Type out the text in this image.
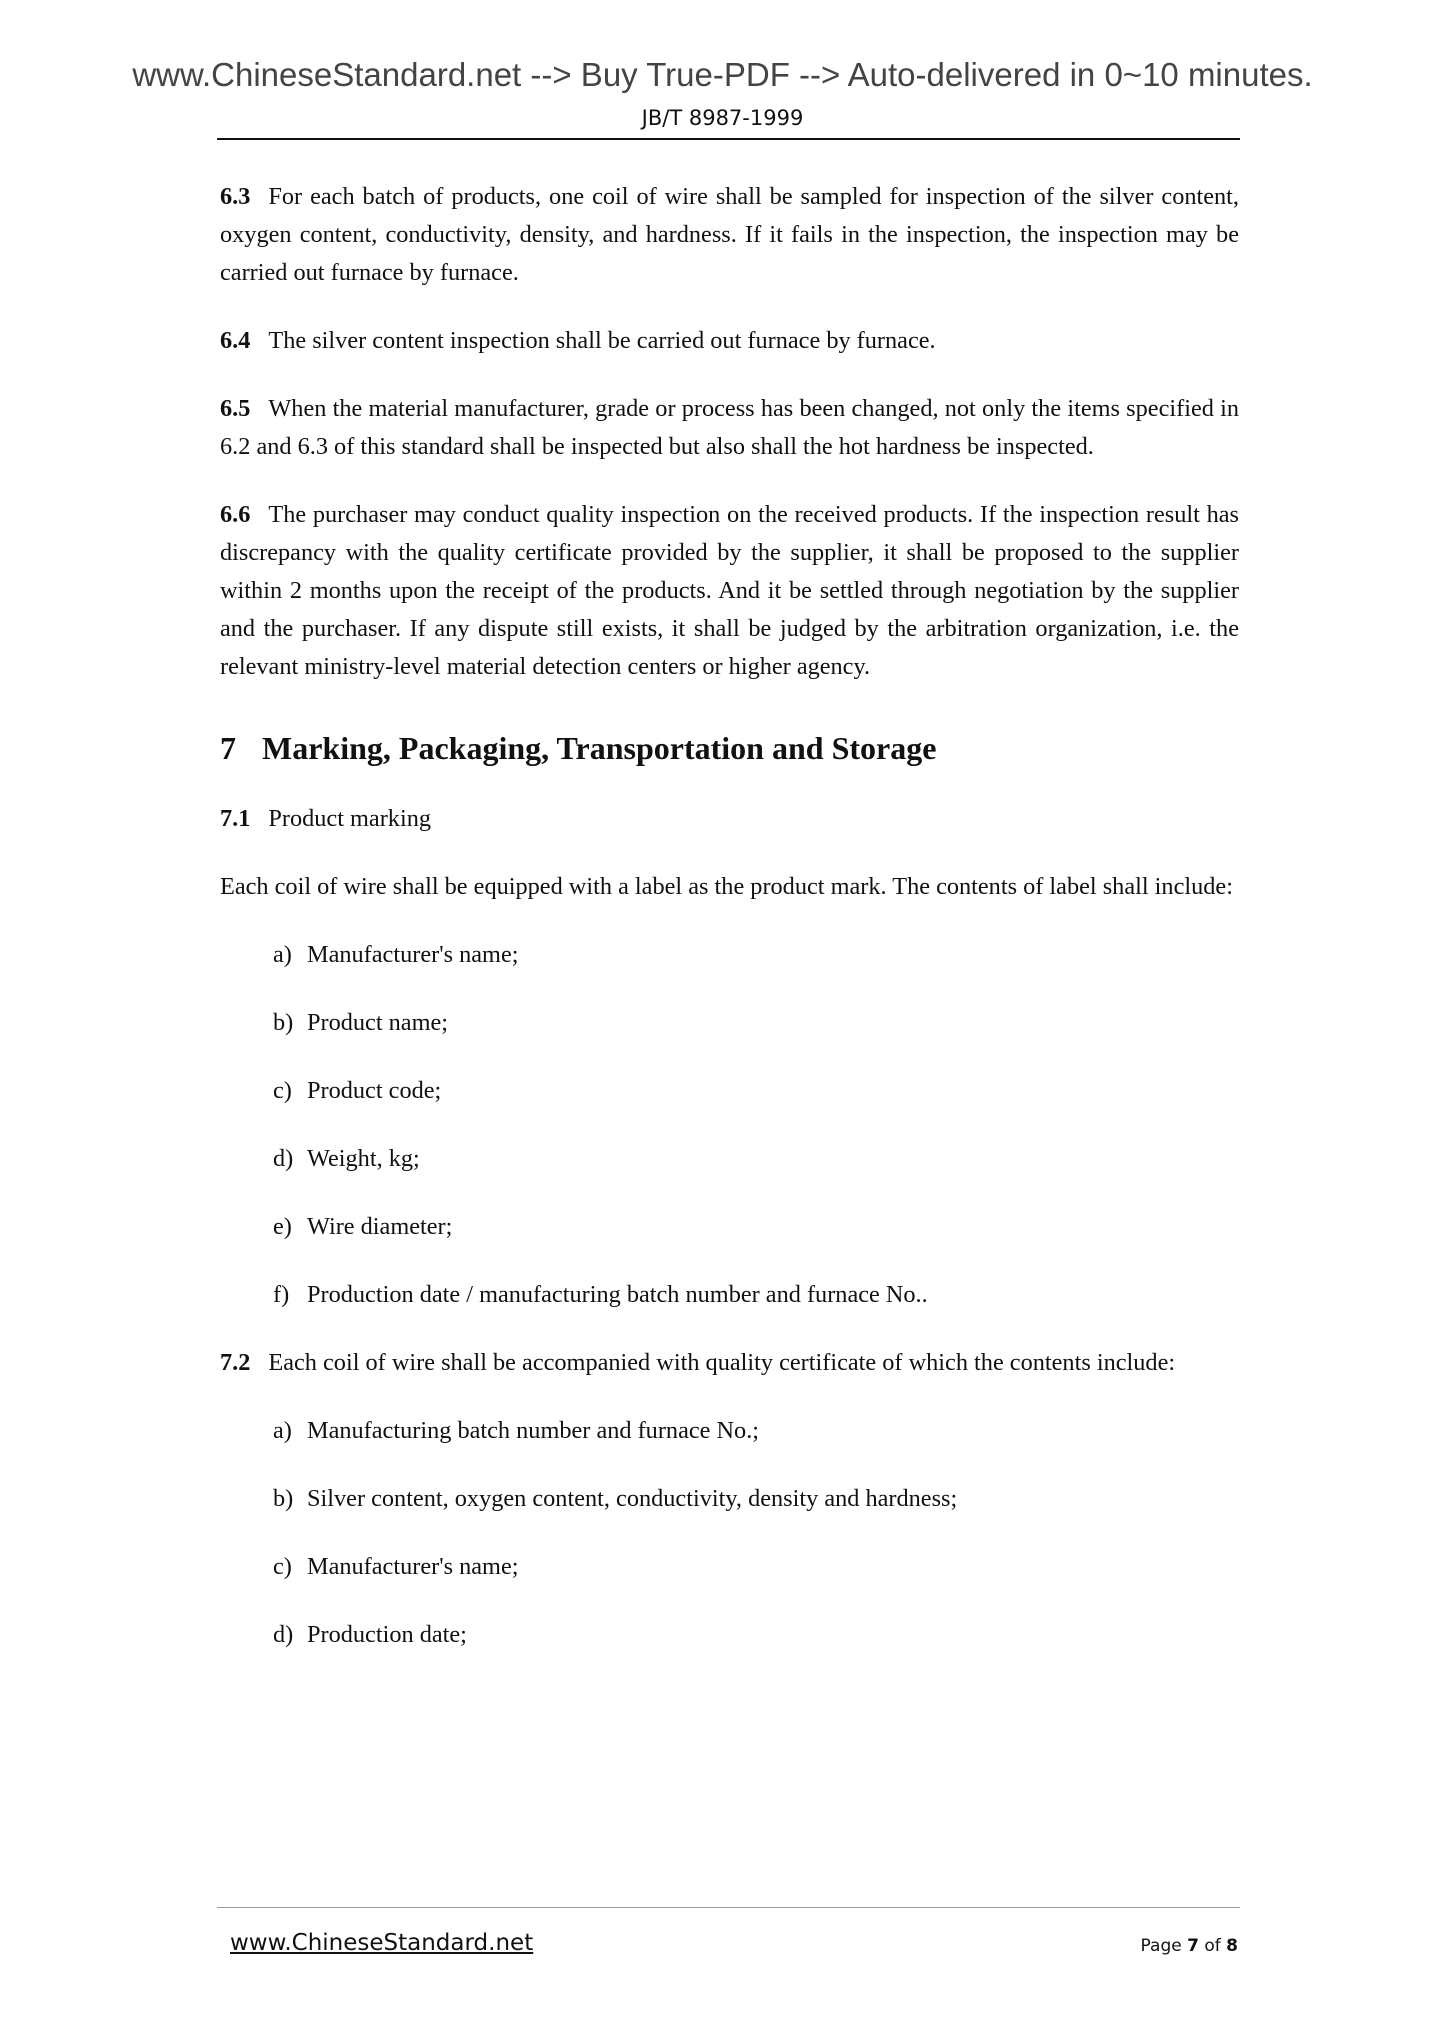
www.ChineseStandard.net --> Buy True-PDF --> Auto-delivered in 0~10 minutes.
JB/T 8987-1999

6.3 For each batch of products, one coil of wire shall be sampled for inspection of the silver content, oxygen content, conductivity, density, and hardness. If it fails in the inspection, the inspection may be carried out furnace by furnace.

6.4 The silver content inspection shall be carried out furnace by furnace.

6.5 When the material manufacturer, grade or process has been changed, not only the items specified in 6.2 and 6.3 of this standard shall be inspected but also shall the hot hardness be inspected.

6.6 The purchaser may conduct quality inspection on the received products. If the inspection result has discrepancy with the quality certificate provided by the supplier, it shall be proposed to the supplier within 2 months upon the receipt of the products. And it be settled through negotiation by the supplier and the purchaser. If any dispute still exists, it shall be judged by the arbitration organization, i.e. the relevant ministry-level material detection centers or higher agency.

7 Marking, Packaging, Transportation and Storage

7.1 Product marking

Each coil of wire shall be equipped with a label as the product mark. The contents of label shall include:

a) Manufacturer's name;
b) Product name;
c) Product code;
d) Weight, kg;
e) Wire diameter;
f) Production date / manufacturing batch number and furnace No..

7.2 Each coil of wire shall be accompanied with quality certificate of which the contents include:

a) Manufacturing batch number and furnace No.;
b) Silver content, oxygen content, conductivity, density and hardness;
c) Manufacturer's name;
d) Production date;
www.ChineseStandard.net	Page 7 of 8
